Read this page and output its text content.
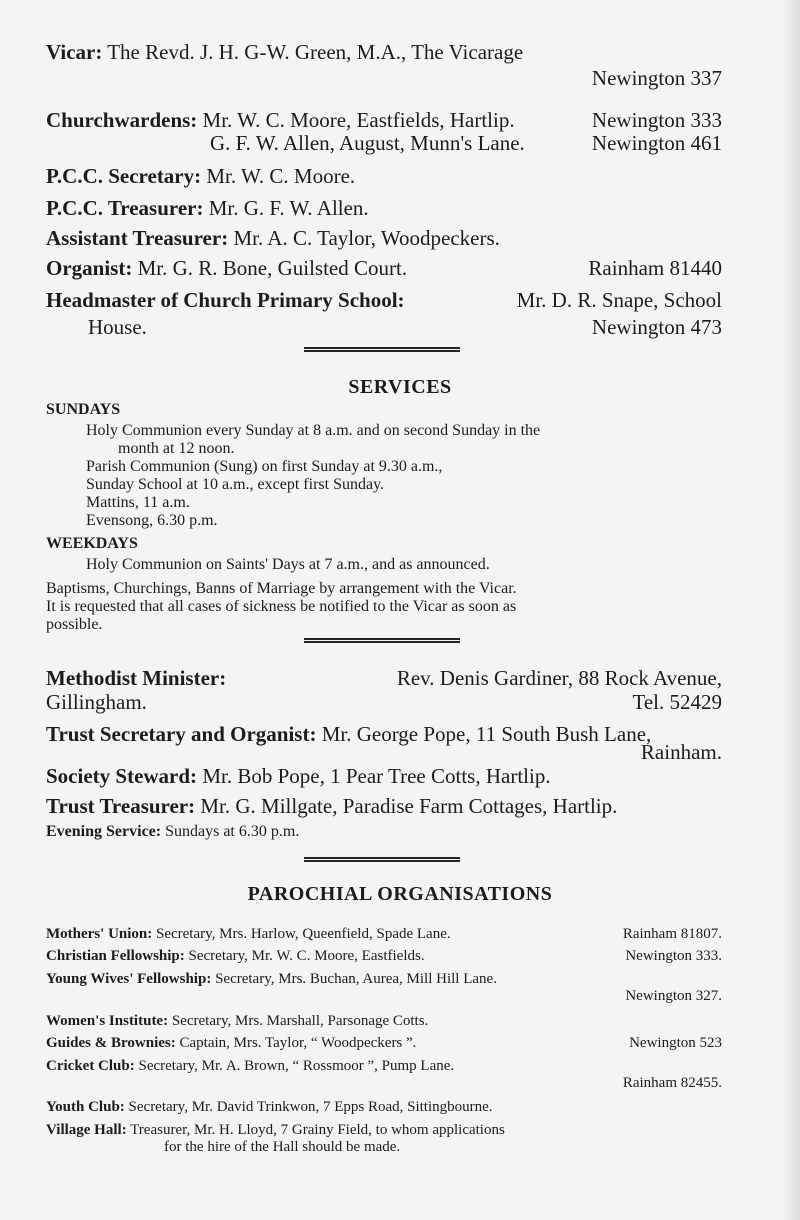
Vicar: The Revd. J. H. G-W. Green, M.A., The Vicarage
Newington 337
Churchwardens: Mr. W. C. Moore, Eastfields, Hartlip.	Newington 333
G. F. W. Allen, August, Munn's Lane.	Newington 461
P.C.C. Secretary: Mr. W. C. Moore.
P.C.C. Treasurer: Mr. G. F. W. Allen.
Assistant Treasurer: Mr. A. C. Taylor, Woodpeckers.
Organist: Mr. G. R. Bone, Guilsted Court.	Rainham 81440
Headmaster of Church Primary School:	Mr. D. R. Snape, School
House.	Newington 473
SERVICES
SUNDAYS
Holy Communion every Sunday at 8 a.m. and on second Sunday in the
month at 12 noon.
Parish Communion (Sung) on first Sunday at 9.30 a.m.,
Sunday School at 10 a.m., except first Sunday.
Mattins, 11 a.m.
Evensong, 6.30 p.m.
WEEKDAYS
Holy Communion on Saints' Days at 7 a.m., and as announced.
Baptisms, Churchings, Banns of Marriage by arrangement with the Vicar.
It is requested that all cases of sickness be notified to the Vicar as soon as
possible.
Methodist Minister:	Rev. Denis Gardiner, 88 Rock Avenue,
Gillingham.	Tel. 52429
Trust Secretary and Organist: Mr. George Pope, 11 South Bush Lane,
Rainham.
Society Steward: Mr. Bob Pope, 1 Pear Tree Cotts, Hartlip.
Trust Treasurer: Mr. G. Millgate, Paradise Farm Cottages, Hartlip.
Evening Service: Sundays at 6.30 p.m.
PAROCHIAL ORGANISATIONS
Mothers' Union: Secretary, Mrs. Harlow, Queenfield, Spade Lane.	Rainham 81807.
Christian Fellowship: Secretary, Mr. W. C. Moore, Eastfields.	Newington 333.
Young Wives' Fellowship: Secretary, Mrs. Buchan, Aurea, Mill Hill Lane.
Newington 327.
Women's Institute: Secretary, Mrs. Marshall, Parsonage Cotts.
Guides & Brownies: Captain, Mrs. Taylor, “ Woodpeckers ”.	Newington 523
Cricket Club: Secretary, Mr. A. Brown, “ Rossmoor ”, Pump Lane.
Rainham 82455.
Youth Club: Secretary, Mr. David Trinkwon, 7 Epps Road, Sittingbourne.
Village Hall: Treasurer, Mr. H. Lloyd, 7 Grainy Field, to whom applications
for the hire of the Hall should be made.
